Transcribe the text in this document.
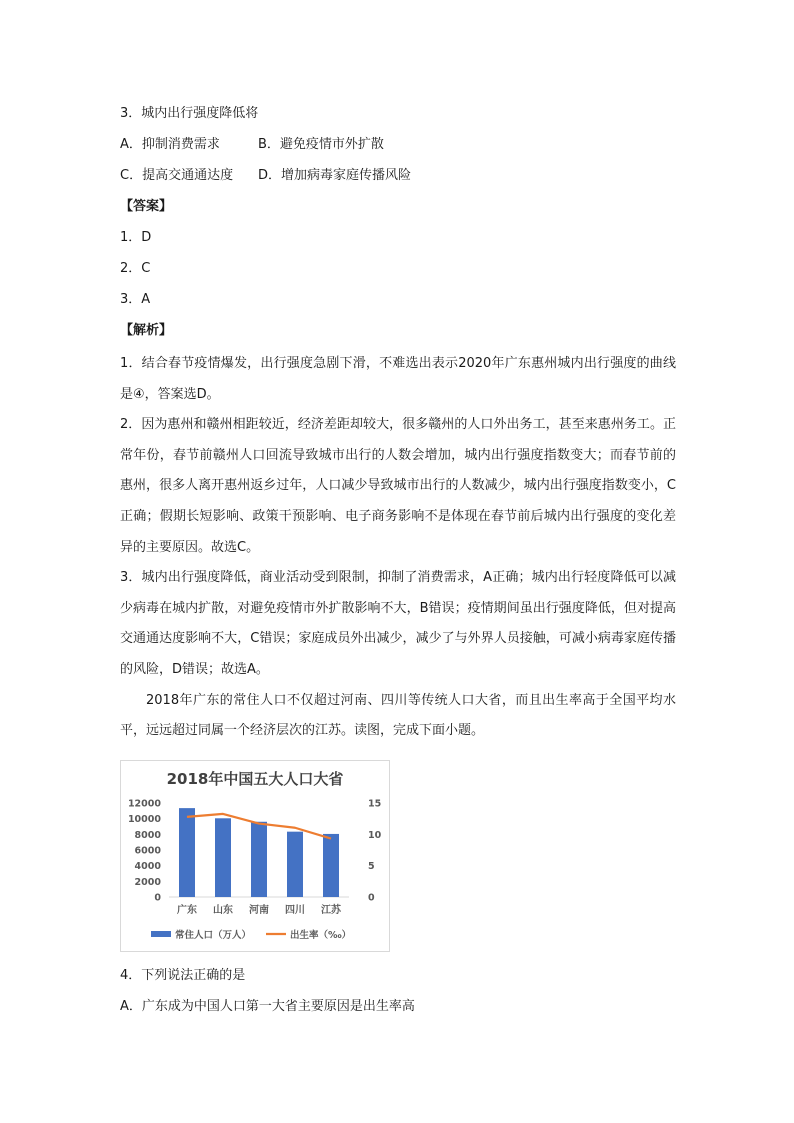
3．城内出行强度降低将
A．抑制消费需求	B．避免疫情市外扩散
C．提高交通通达度 D．增加病毒家庭传播风险
【答案】
1．D
2．C
3．A
【解析】

1．结合春节疫情爆发，出行强度急剧下滑，不难选出表示2020年广东惠州城内出行强度的曲线是④，答案选D。

2．因为惠州和赣州相距较近，经济差距却较大，很多赣州的人口外出务工，甚至来惠州务工。正常年份，春节前赣州人口回流导致城市出行的人数会增加，城内出行强度指数变大；而春节前的惠州，很多人离开惠州返乡过年，人口减少导致城市出行的人数减少，城内出行强度指数变小，C正确；假期长短影响、政策干预影响、电子商务影响不是体现在春节前后城内出行强度的变化差异的主要原因。故选C。

3．城内出行强度降低，商业活动受到限制，抑制了消费需求，A正确；城内出行轻度降低可以减少病毒在城内扩散，对避免疫情市外扩散影响不大，B错误；疫情期间虽出行强度降低，但对提高交通通达度影响不大，C错误；家庭成员外出减少，减少了与外界人员接触，可减小病毒家庭传播的风险，D错误；故选A。

2018年广东的常住人口不仅超过河南、四川等传统人口大省，而且出生率高于全国平均水平，远远超过同属一个经济层次的江苏。读图，完成下面小题。

2018年中国五大人口大省
12000
10000
8000
6000
4000
2000
0
15
10
5
0
广东 山东 河南 四川 江苏
常住人口（万人）	出生率（‰）
4．下列说法正确的是
A．广东成为中国人口第一大省主要原因是出生率高
